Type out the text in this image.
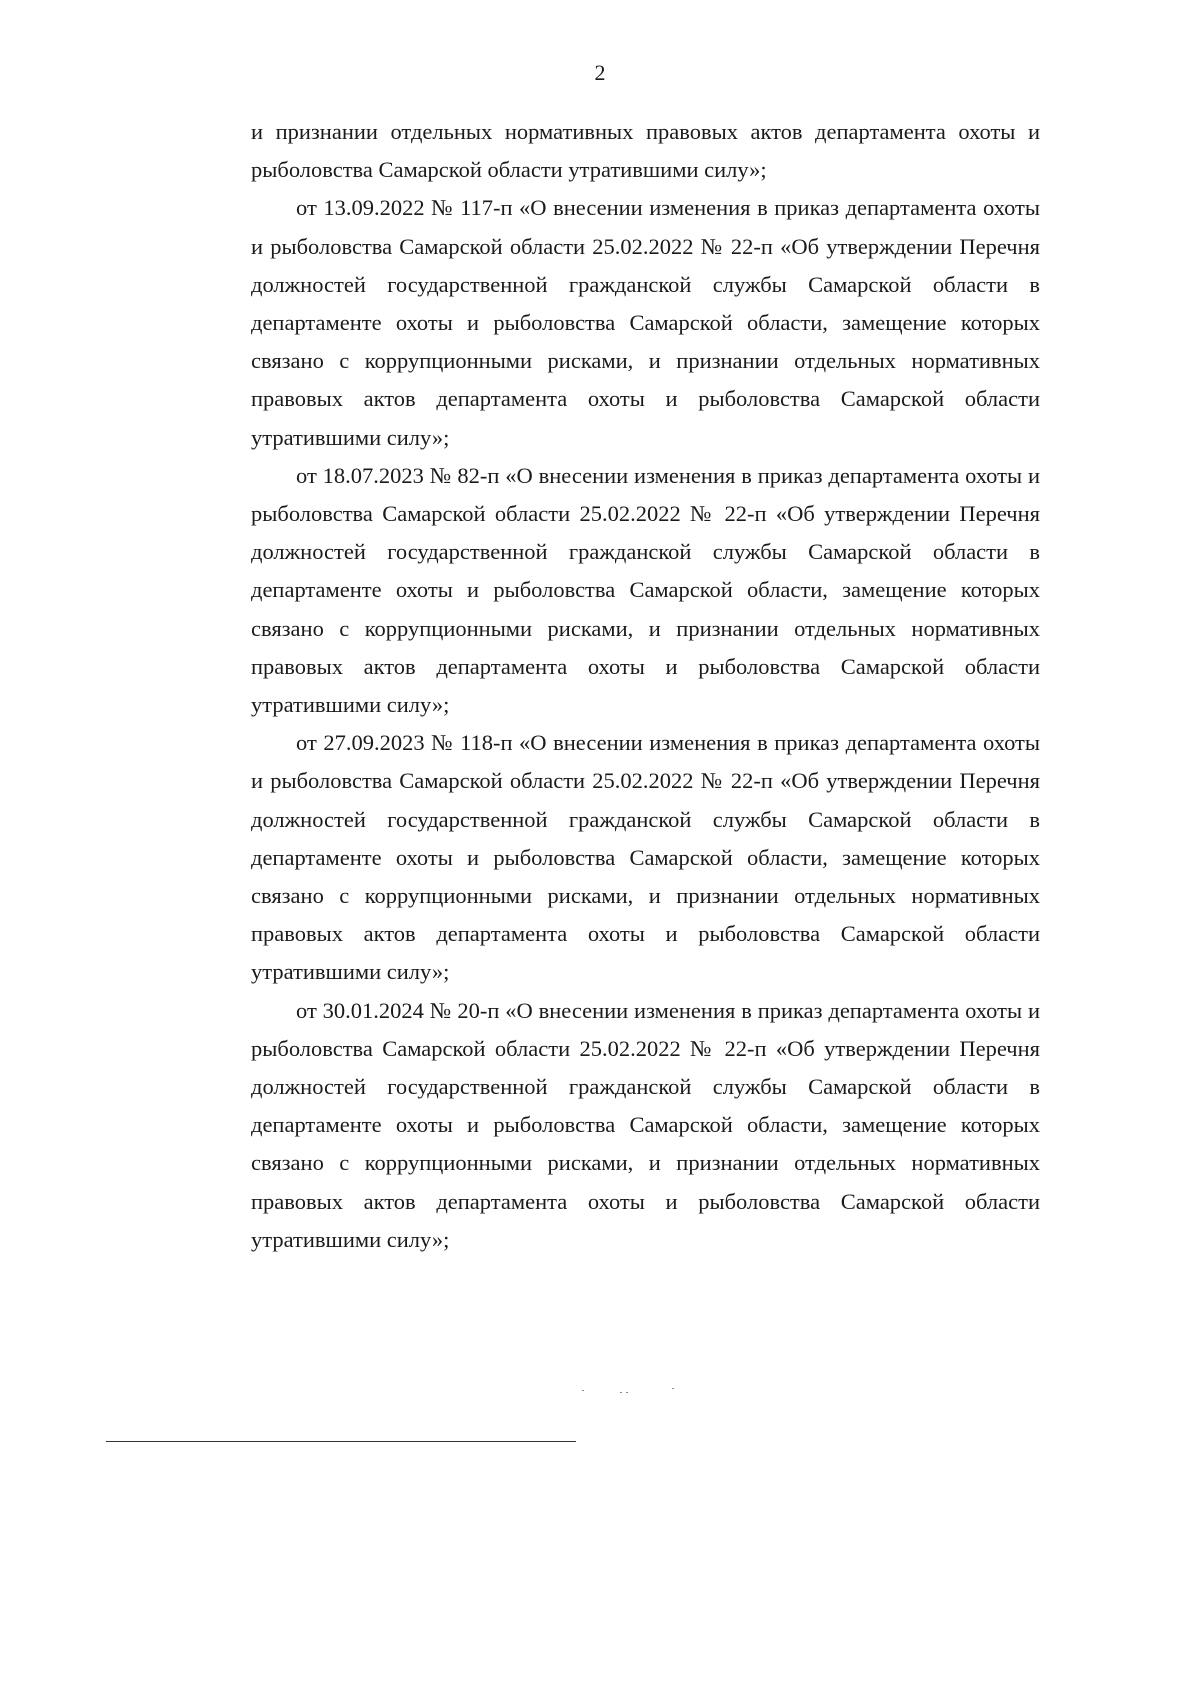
2

и признании отдельных нормативных правовых актов департамента охоты и рыболовства Самарской области утратившими силу»;

от 13.09.2022 № 117-п «О внесении изменения в приказ департамента охоты и рыболовства Самарской области 25.02.2022 № 22-п «Об утверждении Перечня должностей государственной гражданской службы Самарской области в департаменте охоты и рыболовства Самарской области, замещение которых связано с коррупционными рисками, и признании отдельных нормативных правовых актов департамента охоты и рыболовства Самарской области утратившими силу»;

от 18.07.2023 № 82-п «О внесении изменения в приказ департамента охоты и рыболовства Самарской области 25.02.2022 № 22-п «Об утверждении Перечня должностей государственной гражданской службы Самарской области в департаменте охоты и рыболовства Самарской области, замещение которых связано с коррупционными рисками, и признании отдельных нормативных правовых актов департамента охоты и рыболовства Самарской области утратившими силу»;

от 27.09.2023 № 118-п «О внесении изменения в приказ департамента охоты и рыболовства Самарской области 25.02.2022 № 22-п «Об утверждении Перечня должностей государственной гражданской службы Самарской области в департаменте охоты и рыболовства Самарской области, замещение которых связано с коррупционными рисками, и признании отдельных нормативных правовых актов департамента охоты и рыболовства Самарской области утратившими силу»;

от 30.01.2024 № 20-п «О внесении изменения в приказ департамента охоты и рыболовства Самарской области 25.02.2022 № 22-п «Об утверждении Перечня должностей государственной гражданской службы Самарской области в департаменте охоты и рыболовства Самарской области, замещение которых связано с коррупционными рисками, и признании отдельных нормативных правовых актов департамента охоты и рыболовства Самарской области утратившими силу»;
